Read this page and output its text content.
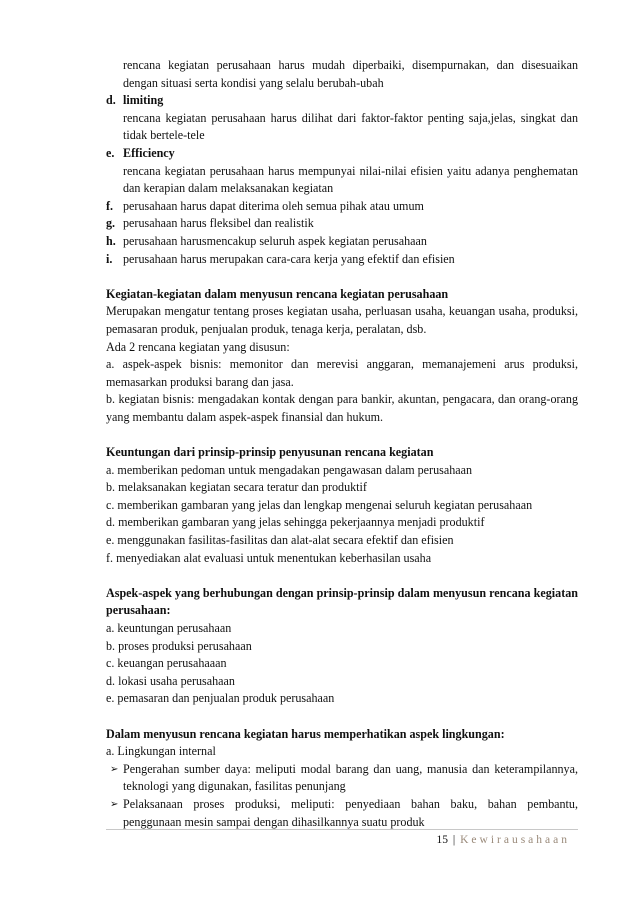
rencana kegiatan perusahaan harus mudah diperbaiki, disempurnakan, dan disesuaikan dengan situasi serta kondisi yang selalu berubah-ubah
d. limiting
rencana kegiatan perusahaan harus dilihat dari faktor-faktor penting saja,jelas, singkat dan tidak bertele-tele
e. Efficiency
rencana kegiatan perusahaan harus mempunyai nilai-nilai efisien yaitu adanya penghematan dan kerapian dalam melaksanakan kegiatan
f. perusahaan harus dapat diterima oleh semua pihak atau umum
g. perusahaan harus fleksibel dan realistik
h. perusahaan harusmencakup seluruh aspek kegiatan perusahaan
i. perusahaan harus merupakan cara-cara kerja yang efektif dan efisien
Kegiatan-kegiatan dalam menyusun rencana kegiatan perusahaan
Merupakan mengatur tentang proses kegiatan usaha, perluasan usaha, keuangan usaha, produksi, pemasaran produk, penjualan produk, tenaga kerja, peralatan, dsb.
Ada 2 rencana kegiatan yang disusun:
a. aspek-aspek bisnis: memonitor dan merevisi anggaran, memanajemeni arus produksi, memasarkan produksi barang dan jasa.
b. kegiatan bisnis: mengadakan kontak dengan para bankir, akuntan, pengacara, dan orang-orang yang membantu dalam aspek-aspek finansial dan hukum.
Keuntungan dari prinsip-prinsip penyusunan rencana kegiatan
a. memberikan pedoman untuk mengadakan pengawasan dalam perusahaan
b. melaksanakan kegiatan secara teratur dan produktif
c. memberikan gambaran yang jelas dan lengkap mengenai seluruh kegiatan perusahaan
d. memberikan gambaran yang jelas sehingga pekerjaannya menjadi produktif
e. menggunakan fasilitas-fasilitas dan alat-alat secara efektif dan efisien
f. menyediakan alat evaluasi untuk menentukan keberhasilan usaha
Aspek-aspek yang berhubungan dengan prinsip-prinsip dalam menyusun rencana kegiatan perusahaan:
a. keuntungan perusahaan
b. proses produksi perusahaan
c. keuangan perusahaaan
d. lokasi usaha perusahaan
e. pemasaran dan penjualan produk perusahaan
Dalam menyusun rencana kegiatan harus memperhatikan aspek lingkungan:
a. Lingkungan internal
➢ Pengerahan sumber daya: meliputi modal barang dan uang, manusia dan keterampilannya, teknologi yang digunakan, fasilitas penunjang
➢ Pelaksanaan proses produksi, meliputi: penyediaan bahan baku, bahan pembantu, penggunaan mesin sampai dengan dihasilkannya suatu produk
15 | Kewirausahaan
